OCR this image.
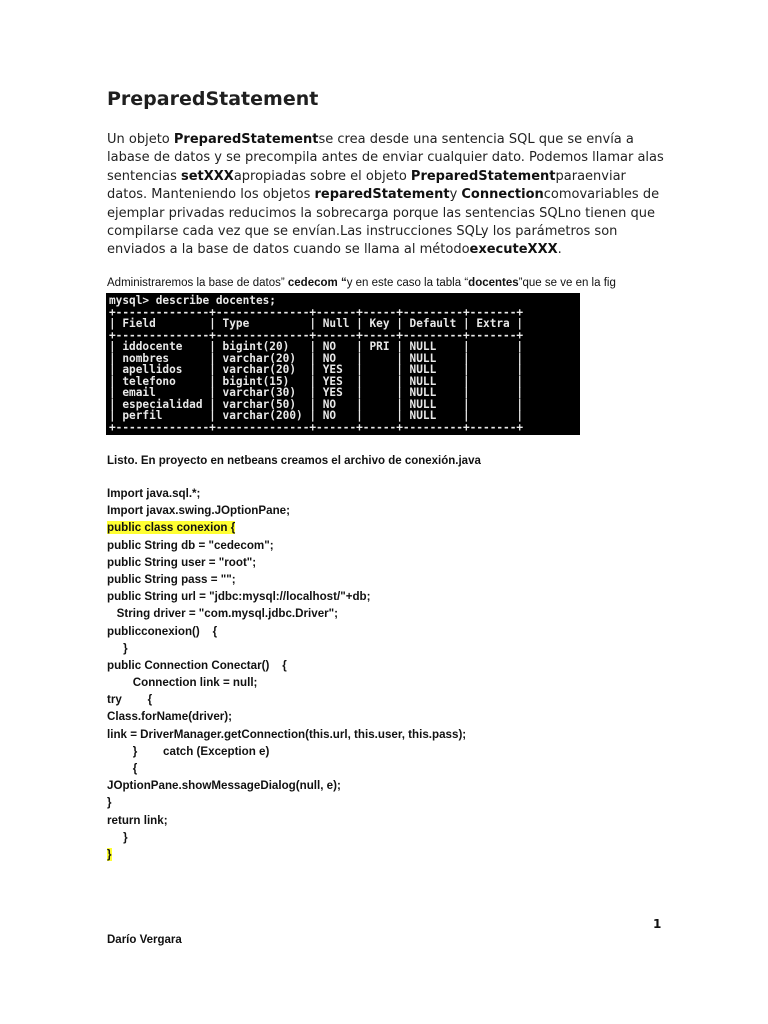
PreparedStatement

Un objeto PreparedStatementse crea desde una sentencia SQL que se envía a labase de datos y se precompila antes de enviar cualquier dato. Podemos llamar alas sentencias setXXXapropiadas sobre el objeto PreparedStatementparaenviar datos. Manteniendo los objetos reparedStatementy Connectioncomovariables de ejemplar privadas reducimos la sobrecarga porque las sentencias SQLno tienen que compilarse cada vez que se envían.Las instrucciones SQLy los parámetros son enviados a la base de datos cuando se llama al métodoexecuteXXX.

Administraremos la base de datos” cedecom “y en este caso la tabla “docentes”que se ve en la fig

mysql> describe docentes;
+--------------+--------------+------+-----+---------+-------+
| Field        | Type         | Null | Key | Default | Extra |
+--------------+--------------+------+-----+---------+-------+
| iddocente    | bigint(20)   | NO   | PRI | NULL    |       |
| nombres      | varchar(20)  | NO   |     | NULL    |       |
| apellidos    | varchar(20)  | YES  |     | NULL    |       |
| telefono     | bigint(15)   | YES  |     | NULL    |       |
| email        | varchar(30)  | YES  |     | NULL    |       |
| especialidad | varchar(50)  | NO   |     | NULL    |       |
| perfil       | varchar(200) | NO   |     | NULL    |       |
+--------------+--------------+------+-----+---------+-------+

Listo. En proyecto en netbeans creamos el archivo de conexión.java

Import java.sql.*;
Import javax.swing.JOptionPane;
public class conexion {
public String db = "cedecom";
public String user = "root";
public String pass = "";
public String url = "jdbc:mysql://localhost/"+db;
String driver = "com.mysql.jdbc.Driver";
publicconexion()    {
}
public Connection Conectar()    {
Connection link = null;
try        {
Class.forName(driver);
link = DriverManager.getConnection(this.url, this.user, this.pass);
}        catch (Exception e)
{
JOptionPane.showMessageDialog(null, e);
}
return link;
}
}
1
Darío Vergara
